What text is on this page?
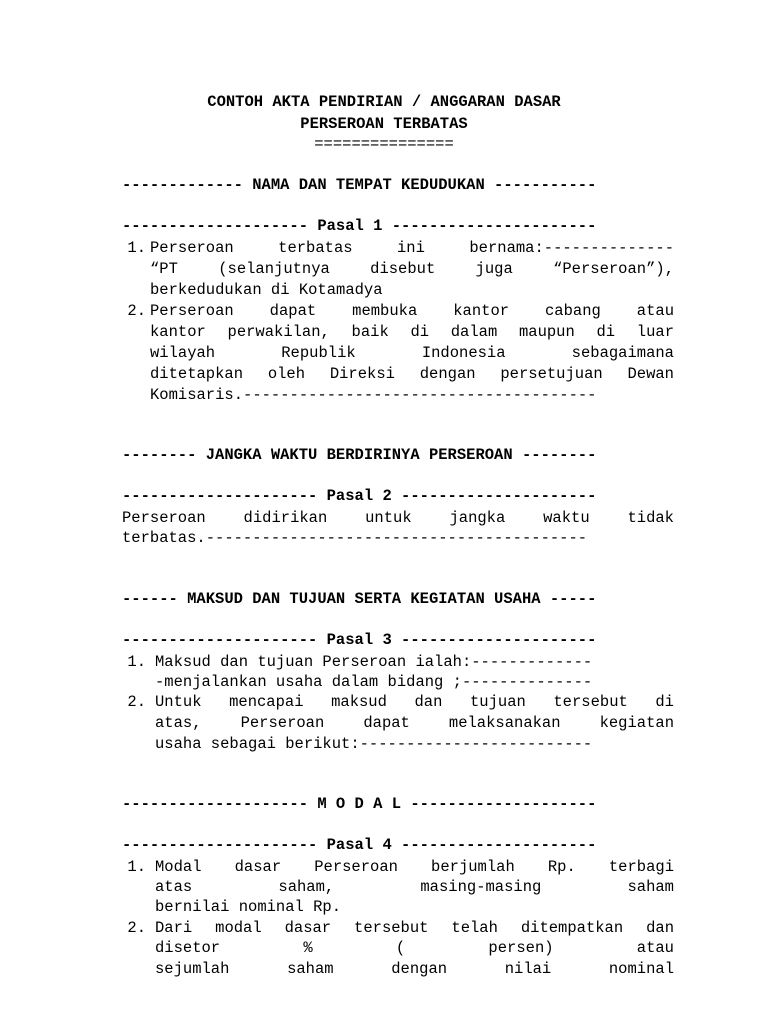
CONTOH AKTA PENDIRIAN / ANGGARAN DASAR
PERSEROAN TERBATAS
===============
------------- NAMA DAN TEMPAT KEDUDUKAN -----------
-------------------- Pasal 1 ----------------------
1. Perseroan terbatas ini bernama:--------------
“PT (selanjutnya disebut juga “Perseroan”),
berkedudukan di Kotamadya
2. Perseroan dapat membuka kantor cabang atau
kantor perwakilan, baik di dalam maupun di luar
wilayah Republik Indonesia sebagaimana
ditetapkan oleh Direksi dengan persetujuan Dewan
Komisaris.--------------------------------------
-------- JANGKA WAKTU BERDIRINYA PERSEROAN --------
--------------------- Pasal 2 ---------------------
Perseroan didirikan untuk jangka waktu tidak
terbatas.-----------------------------------------
------ MAKSUD DAN TUJUAN SERTA KEGIATAN USAHA -----
--------------------- Pasal 3 ---------------------
1. Maksud dan tujuan Perseroan ialah:-------------
-menjalankan usaha dalam bidang ;--------------
2. Untuk mencapai maksud dan tujuan tersebut di
atas, Perseroan dapat melaksanakan kegiatan
usaha sebagai berikut:-------------------------
-------------------- M O D A L --------------------
--------------------- Pasal 4 ---------------------
1. Modal dasar Perseroan berjumlah Rp. terbagi
atas saham, masing-masing saham
bernilai nominal Rp.
2. Dari modal dasar tersebut telah ditempatkan dan
disetor % ( persen) atau
sejumlah saham dengan nilai nominal
